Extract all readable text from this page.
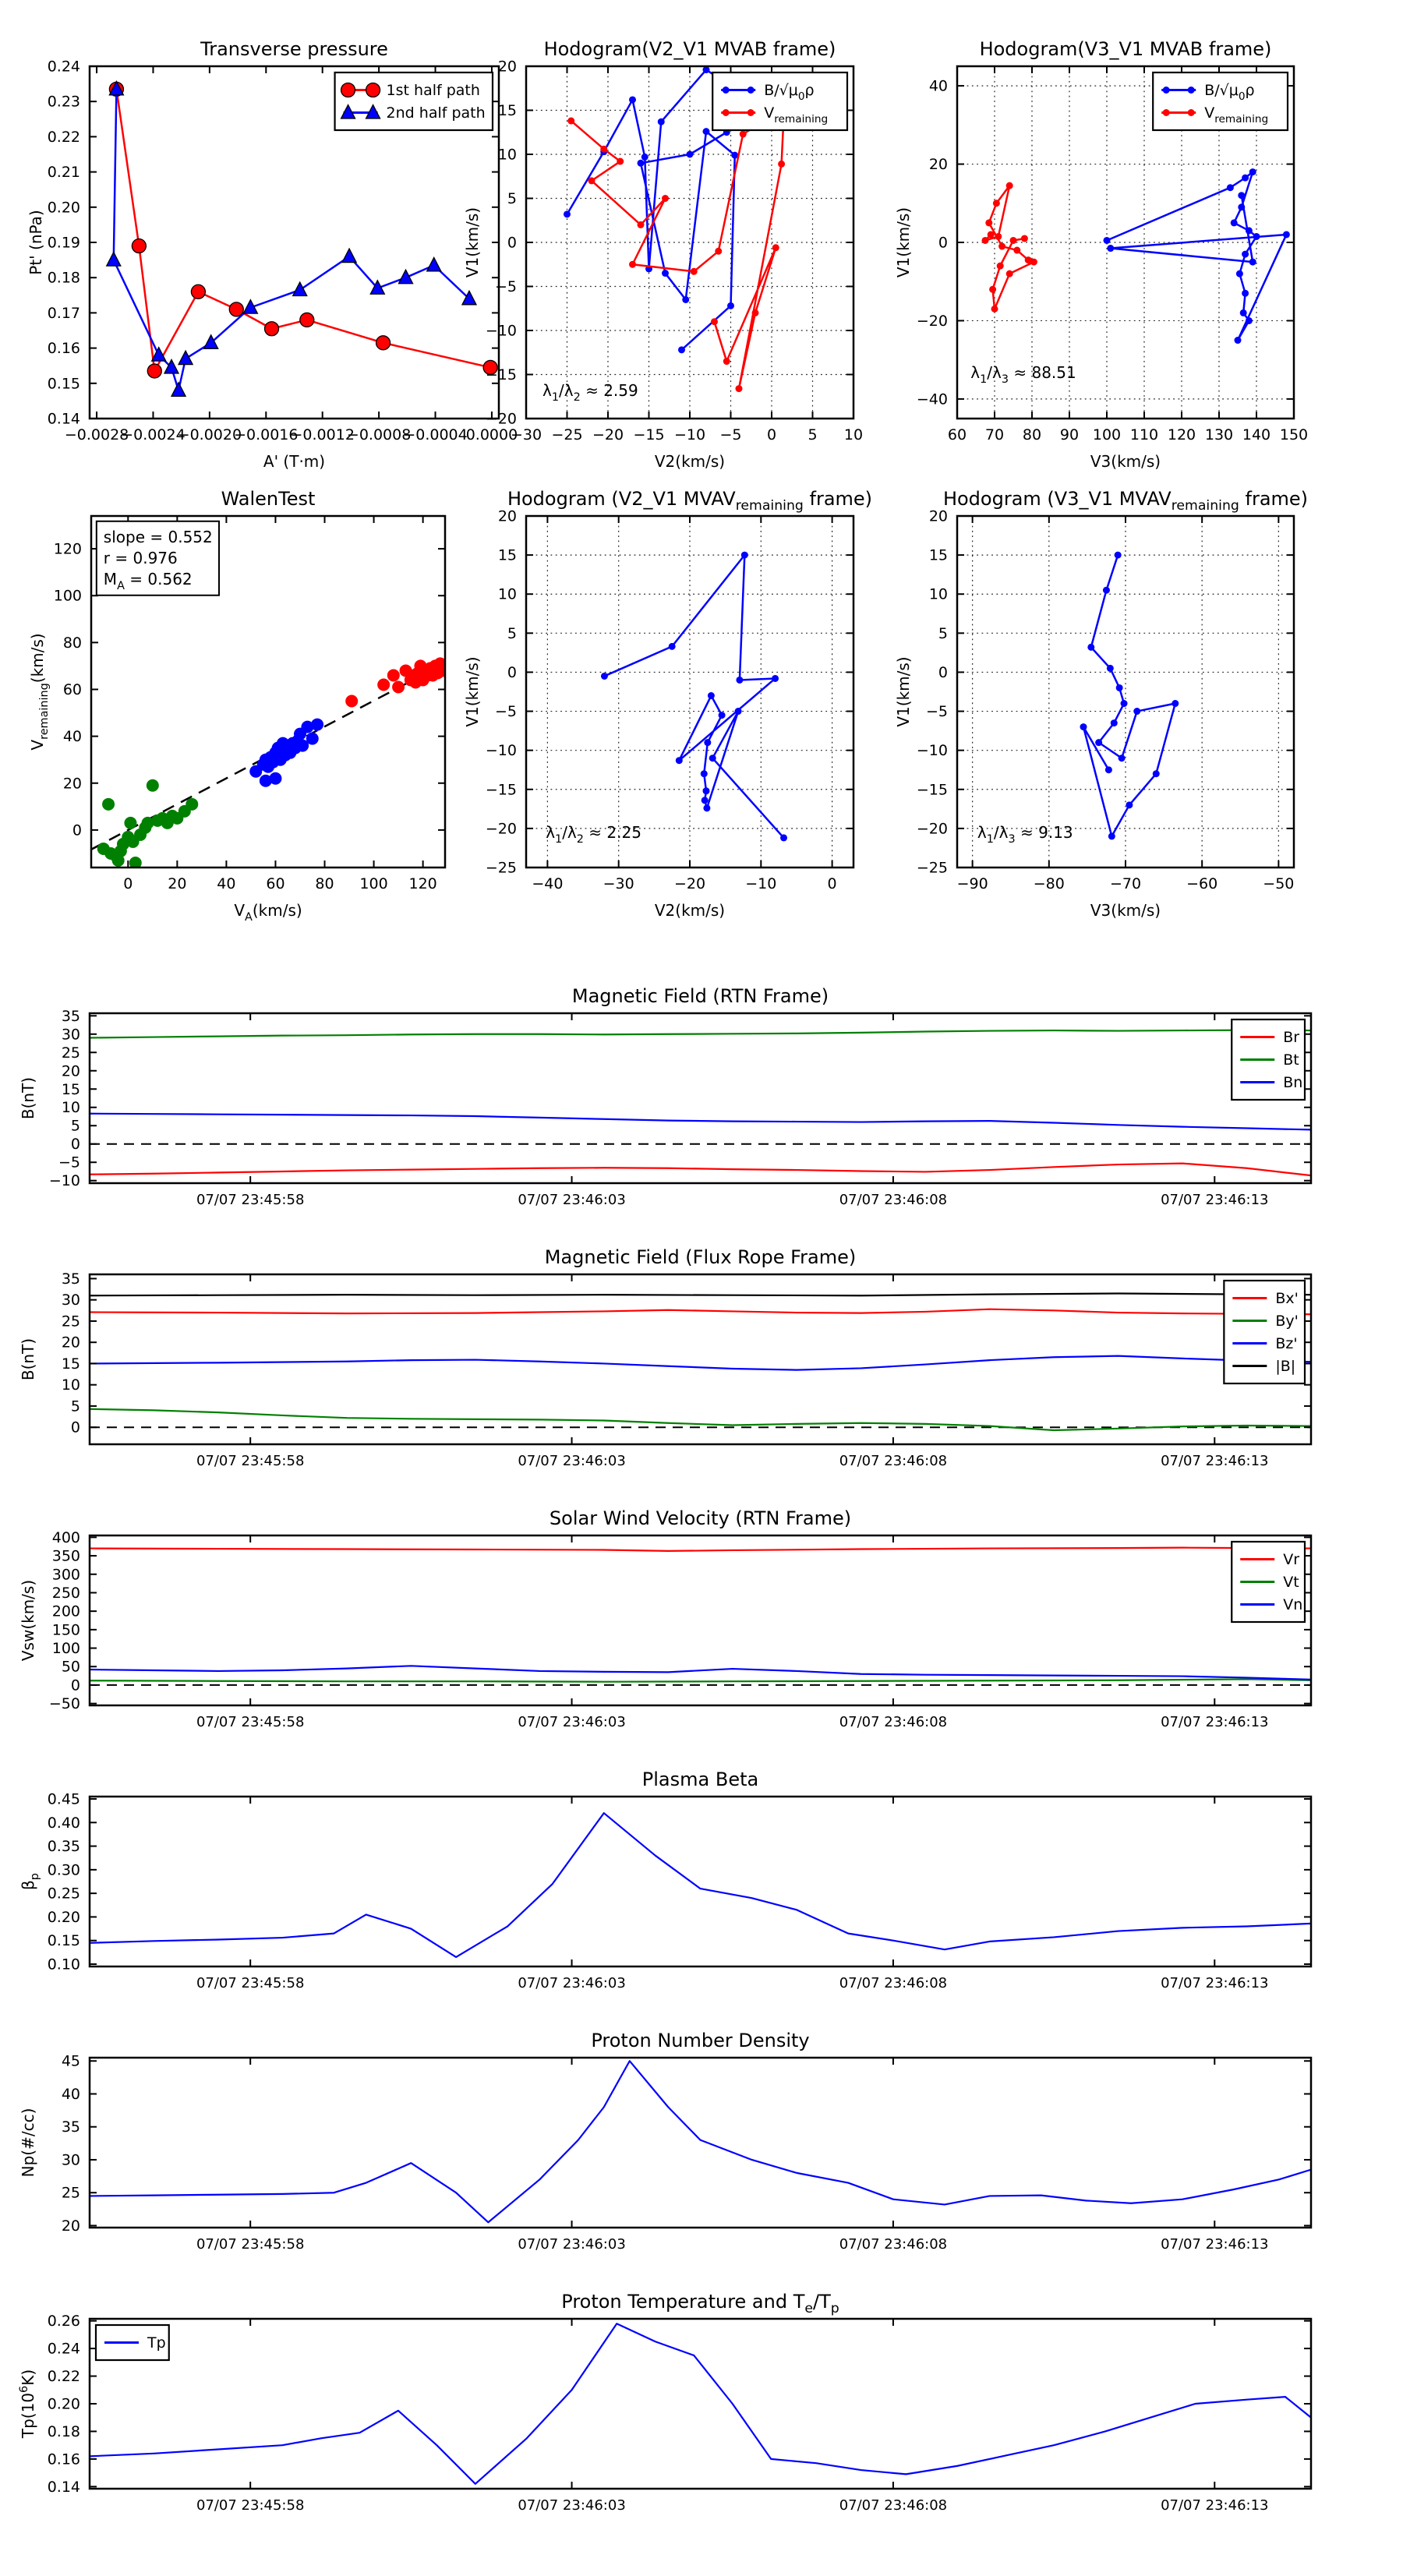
−0.0028
−0.0024
−0.0020
−0.0016
−0.0012
−0.0008
−0.0004
0.0000
0.14
0.15
0.16
0.17
0.18
0.19
0.20
0.21
0.22
0.23
0.24
Transverse pressure
A' (T·m)
Pt' (nPa)
1st half path
2nd half path
−30 −25 −20 −15 −10 −5 0 5 10
−20
−15
−10
−5
0
5
10
15
20
Hodogram(V2_V1 MVAB frame)
V2(km/s)
V1(km/s)
$\lambda_1/\lambda_2 \approx 2.59$
$B/√\mu_0\rho$
$V_{remaining}$
60 70 80 90 100 110 120 130 140 150
−40
−20
0
20
40
Hodogram(V3_V1 MVAB frame)
V3(km/s)
V1(km/s)
$\lambda_1/\lambda_3 \approx 88.51$
$B/√\mu_0\rho$
$V_{remaining}$
0 20 40 60 80 100 120
0
20
40
60
80
100
120
WalenTest
$V_A(km/s)$
$V_{remaining}(km/s)$
slope = 0.552
r = 0.976
$M_A = 0.562$
−40	−30	−20	−10	0
−25
−20
−15
−10
−5
0
5
10
15
20
Hodogram (V2_V1 $MVAV_{remaining}$ frame)
V2(km/s)
V1(km/s)
$\lambda_1/\lambda_2 \approx 2.25$
−90	−80	−70	−60	−50
−25
−20
−15
−10
−5
0
5
10
15
20
Hodogram (V3_V1 $MVAV_{remaining}$ frame)
V3(km/s)
V1(km/s)
$\lambda_1/\lambda_3 \approx 9.13$
07/07 23:45:58	07/07 23:46:03	07/07 23:46:08	07/07 23:46:13
−10
−5
0
5
10
15
20
25
30
35
Magnetic Field (RTN Frame)
B(nT)
Br
Bt
Bn
07/07 23:45:58	07/07 23:46:03	07/07 23:46:08	07/07 23:46:13
0
5
10
15
20
25
30
35
Magnetic Field (Flux Rope Frame)
B(nT)
Bx'
By'
Bz'
|B|
07/07 23:45:58	07/07 23:46:03	07/07 23:46:08	07/07 23:46:13
−50
0
50
100
150
200
250
300
350
400
Solar Wind Velocity (RTN Frame)
Vsw(km/s)
Vr
Vt
Vn
07/07 23:45:58	07/07 23:46:03	07/07 23:46:08	07/07 23:46:13
0.10
0.15
0.20
0.25
0.30
0.35
0.40
0.45
Plasma Beta
$\beta_p$
07/07 23:45:58	07/07 23:46:03	07/07 23:46:08	07/07 23:46:13
20
25
30
35
40
45
Proton Number Density
Np(#/cc)
07/07 23:45:58	07/07 23:46:03	07/07 23:46:08	07/07 23:46:13
0.14
0.16
0.18
0.20
0.22
0.24
0.26
Proton Temperature and $T_e/T_p$
$Tp(10^6K)$
Tp
